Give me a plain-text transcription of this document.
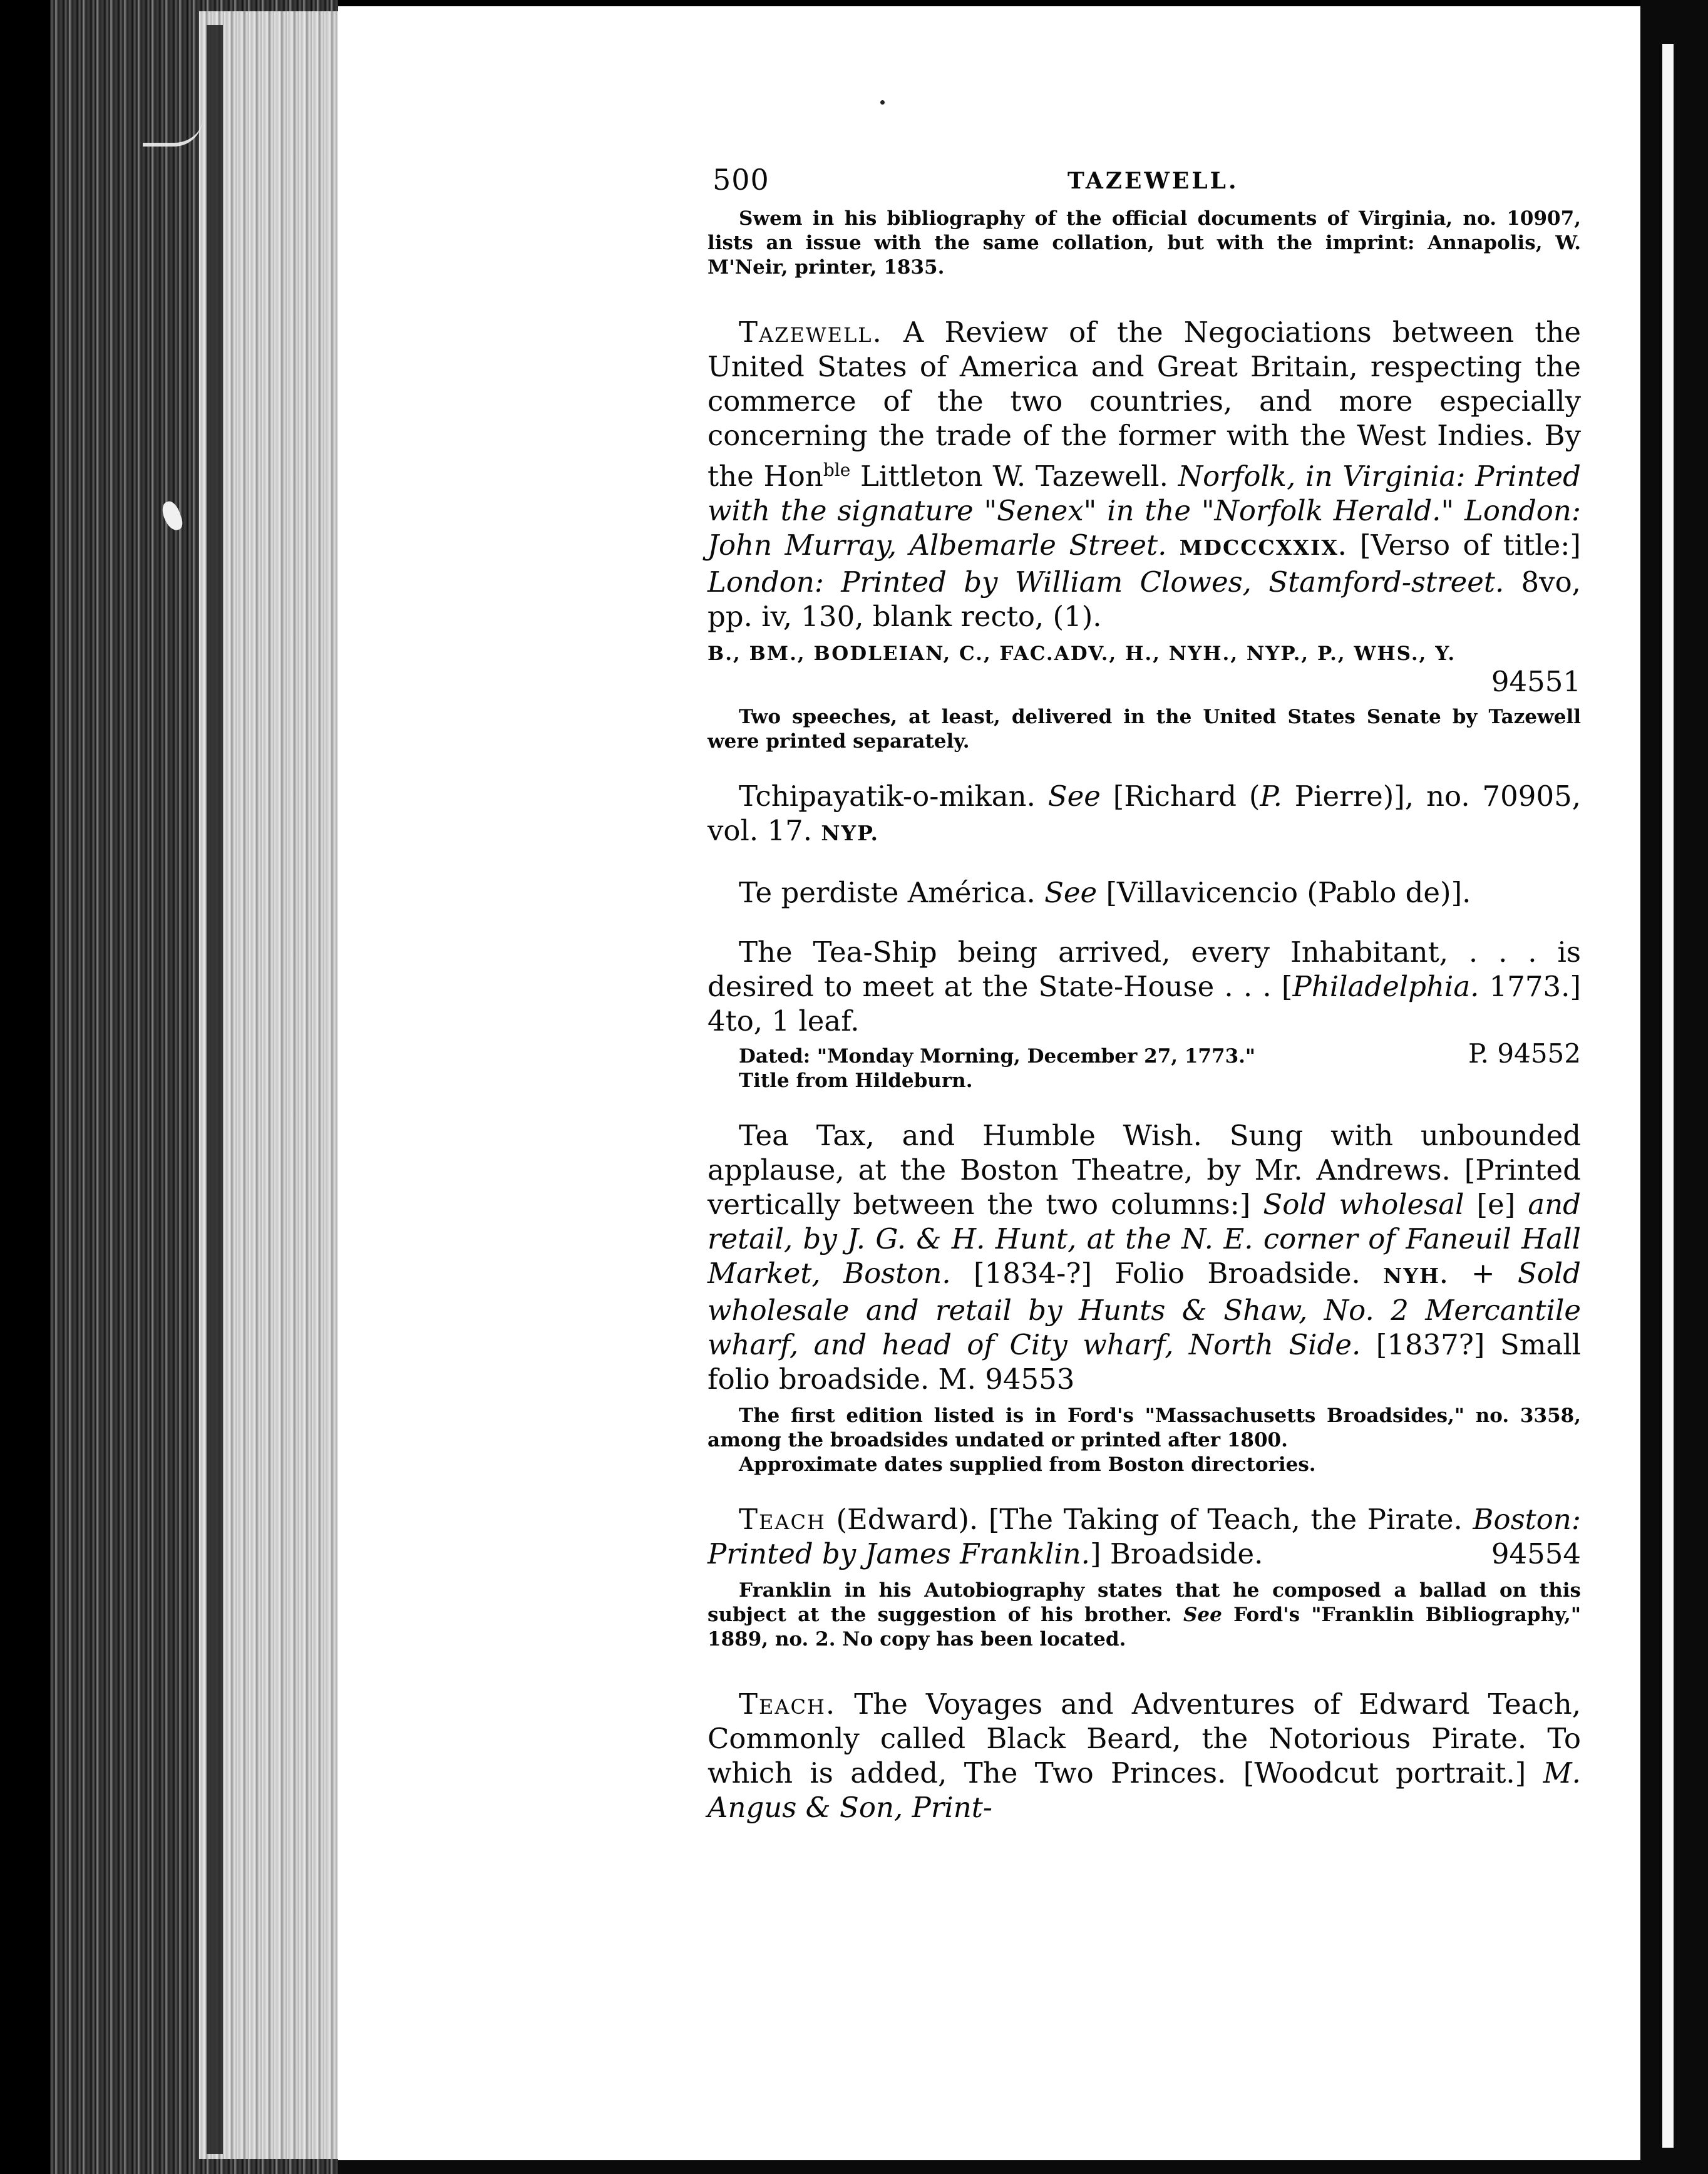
500	TAZEWELL.

Swem in his bibliography of the official documents of Virginia, no. 10907, lists an issue with the same collation, but with the imprint: Annapolis, W. M'Neir, printer, 1835.

Tazewell. A Review of the Negociations between the United States of America and Great Britain, respecting the commerce of the two countries, and more especially concerning the trade of the former with the West Indies. By the Hon$^{ble}$ Littleton W. Tazewell. Norfolk, in Virginia: Printed with the signature "Senex" in the "Norfolk Herald." London: John Murray, Albemarle Street. MDCCCXXIX. [Verso of title:] London: Printed by William Clowes, Stamford-street. 8vo, pp. iv, 130, blank recto, (1).

B., BM., BODLEIAN, C., FAC.ADV., H., NYH., NYP., P., WHS., Y.

94551

Two speeches, at least, delivered in the United States Senate by Tazewell were printed separately.

Tchipayatik-o-mikan. See [Richard (P. Pierre)], no. 70905, vol. 17. NYP.

Te perdiste América. See [Villavicencio (Pablo de)].

The Tea-Ship being arrived, every Inhabitant, . . . is desired to meet at the State-House . . . [Philadelphia. 1773.] 4to, 1 leaf.

Dated: "Monday Morning, December 27, 1773."	P. 94552

Title from Hildeburn.

Tea Tax, and Humble Wish. Sung with unbounded applause, at the Boston Theatre, by Mr. Andrews. [Printed vertically between the two columns:] Sold wholesal [e] and retail, by J. G. & H. Hunt, at the N. E. corner of Faneuil Hall Market, Boston. [1834-?] Folio Broadside. NYH. + Sold wholesale and retail by Hunts & Shaw, No. 2 Mercantile wharf, and head of City wharf, North Side. [1837?] Small folio broadside. M. 94553

The first edition listed is in Ford's "Massachusetts Broadsides," no. 3358, among the broadsides undated or printed after 1800.

Approximate dates supplied from Boston directories.

Teach (Edward). [The Taking of Teach, the Pirate. Boston: Printed by James Franklin.] Broadside.	94554

Franklin in his Autobiography states that he composed a ballad on this subject at the suggestion of his brother. See Ford's "Franklin Bibliography," 1889, no. 2. No copy has been located.

Teach. The Voyages and Adventures of Edward Teach, Commonly called Black Beard, the Notorious Pirate. To which is added, The Two Princes. [Woodcut portrait.] M. Angus & Son, Print-
